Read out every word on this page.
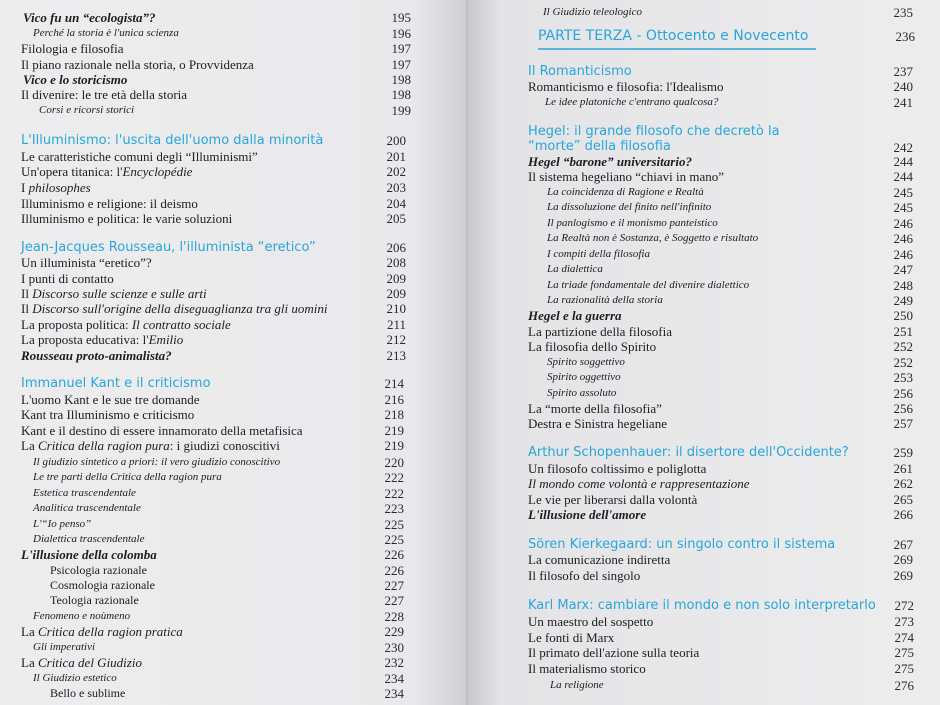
Vico fu un “ecologista”?	195
Perché la storia è l'unica scienza	196
Filologia e filosofia	197
Il piano razionale nella storia, o Provvidenza	197
Vico e lo storicismo	198
Il divenire: le tre età della storia	198
Corsi e ricorsi storici	199
L'Illuminismo: l'uscita dell'uomo dalla minorità	200
Le caratteristiche comuni degli “Illuminismi”	201
Un'opera titanica: l'Encyclopédie	202
I philosophes	203
Illuminismo e religione: il deismo	204
Illuminismo e politica: le varie soluzioni	205
Jean-Jacques Rousseau, l'illuminista “eretico”	206
Un illuminista “eretico”?	208
I punti di contatto	209
Il Discorso sulle scienze e sulle arti	209
Il Discorso sull'origine della diseguaglianza tra gli uomini	210
La proposta politica: Il contratto sociale	211
La proposta educativa: l'Emilio	212
Rousseau proto-animalista?	213
Immanuel Kant e il criticismo	214
L'uomo Kant e le sue tre domande	216
Kant tra Illuminismo e criticismo	218
Kant e il destino di essere innamorato della metafisica	219
La Critica della ragion pura: i giudizi conoscitivi	219
Il giudizio sintetico a priori: il vero giudizio conoscitivo	220
Le tre parti della Critica della ragion pura	222
Estetica trascendentale	222
Analitica trascendentale	223
L'“Io penso”	225
Dialettica trascendentale	225
L'illusione della colomba	226
Psicologia razionale	226
Cosmologia razionale	227
Teologia razionale	227
Fenomeno e noùmeno	228
La Critica della ragion pratica	229
Gli imperativi	230
La Critica del Giudizio	232
Il Giudizio estetico	234
Bello e sublime	234
Il Giudizio teleologico	235
PARTE TERZA - Ottocento e Novecento	236
Il Romanticismo	237
Romanticismo e filosofia: l'Idealismo	240
Le idee platoniche c'entrano qualcosa?	241
Hegel: il grande filosofo che decretò la “morte” della filosofia	242
Hegel “barone” universitario?	244
Il sistema hegeliano “chiavi in mano”	244
La coincidenza di Ragione e Realtà	245
La dissoluzione del finito nell'infinito	245
Il panlogismo e il monismo panteistico	246
La Realtà non è Sostanza, è Soggetto e risultato	246
I compiti della filosofia	246
La dialettica	247
La triade fondamentale del divenire dialettico	248
La razionalità della storia	249
Hegel e la guerra	250
La partizione della filosofia	251
La filosofia dello Spirito	252
Spirito soggettivo	252
Spirito oggettivo	253
Spirito assoluto	256
La “morte della filosofia”	256
Destra e Sinistra hegeliane	257
Arthur Schopenhauer: il disertore dell'Occidente?	259
Un filosofo coltissimo e poliglotta	261
Il mondo come volontà e rappresentazione	262
Le vie per liberarsi dalla volontà	265
L'illusione dell'amore	266
Sören Kierkegaard: un singolo contro il sistema	267
La comunicazione indiretta	269
Il filosofo del singolo	269
Karl Marx: cambiare il mondo e non solo interpretarlo 272
Un maestro del sospetto	273
Le fonti di Marx	274
Il primato dell'azione sulla teoria	275
Il materialismo storico	275
La religione	276
